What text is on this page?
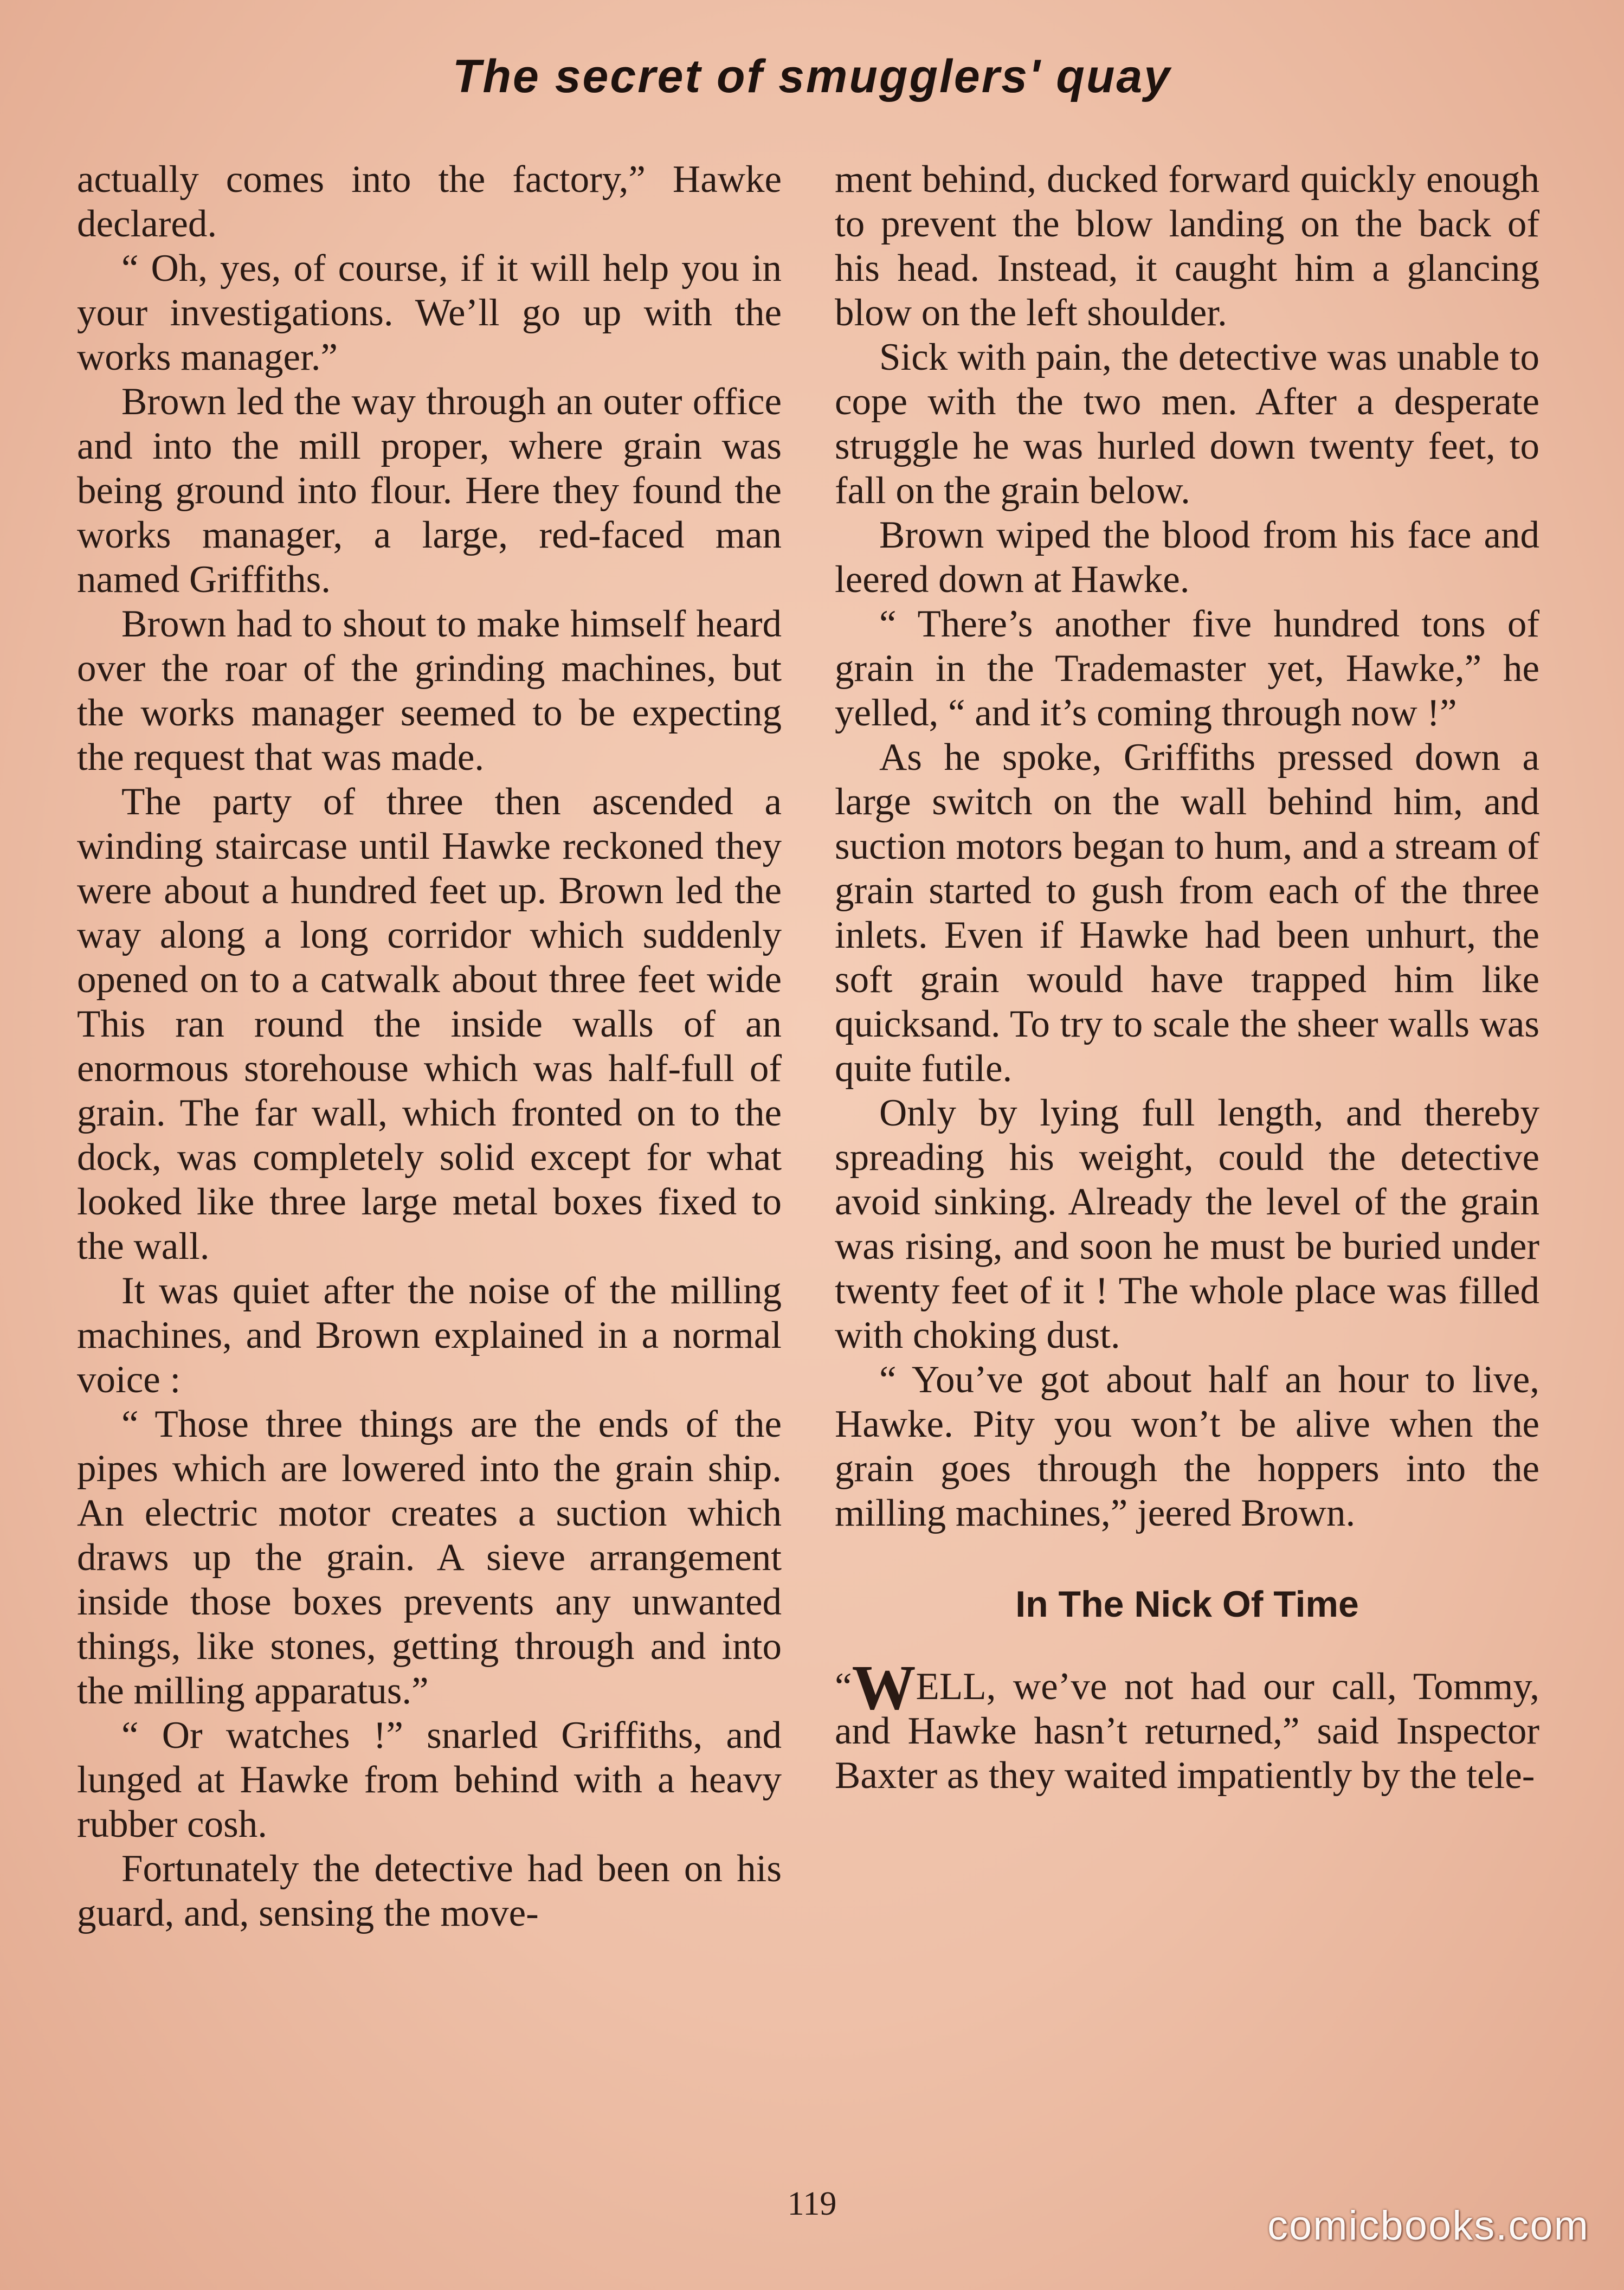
The secret of smugglers' quay

actually comes into the factory,” Hawke declared.

“ Oh, yes, of course, if it will help you in your investigations. We’ll go up with the works manager.”

Brown led the way through an outer office and into the mill proper, where grain was being ground into flour. Here they found the works manager, a large, red-faced man named Griffiths.

Brown had to shout to make himself heard over the roar of the grinding machines, but the works manager seemed to be expecting the request that was made.

The party of three then ascended a winding staircase until Hawke reckoned they were about a hundred feet up. Brown led the way along a long corridor which suddenly opened on to a catwalk about three feet wide This ran round the inside walls of an enormous storehouse which was half-full of grain. The far wall, which fronted on to the dock, was completely solid except for what looked like three large metal boxes fixed to the wall.

It was quiet after the noise of the milling machines, and Brown explained in a normal voice :

“ Those three things are the ends of the pipes which are lowered into the grain ship. An electric motor creates a suction which draws up the grain. A sieve arrangement inside those boxes prevents any unwanted things, like stones, getting through and into the milling apparatus.”

“ Or watches !” snarled Griffiths, and lunged at Hawke from behind with a heavy rubber cosh.

Fortunately the detective had been on his guard, and, sensing the move-

ment behind, ducked forward quickly enough to prevent the blow landing on the back of his head. Instead, it caught him a glancing blow on the left shoulder.

Sick with pain, the detective was unable to cope with the two men. After a desperate struggle he was hurled down twenty feet, to fall on the grain below.

Brown wiped the blood from his face and leered down at Hawke.

“ There’s another five hundred tons of grain in the Trademaster yet, Hawke,” he yelled, “ and it’s coming through now !”

As he spoke, Griffiths pressed down a large switch on the wall behind him, and suction motors began to hum, and a stream of grain started to gush from each of the three inlets. Even if Hawke had been unhurt, the soft grain would have trapped him like quicksand. To try to scale the sheer walls was quite futile.

Only by lying full length, and thereby spreading his weight, could the detective avoid sinking. Already the level of the grain was rising, and soon he must be buried under twenty feet of it ! The whole place was filled with choking dust.

“ You’ve got about half an hour to live, Hawke. Pity you won’t be alive when the grain goes through the hoppers into the milling machines,” jeered Brown.

In The Nick Of Time

“WELL, we’ve not had our call, Tommy, and Hawke hasn’t returned,” said Inspector Baxter as they waited impatiently by the tele-

119	comicbooks.com
